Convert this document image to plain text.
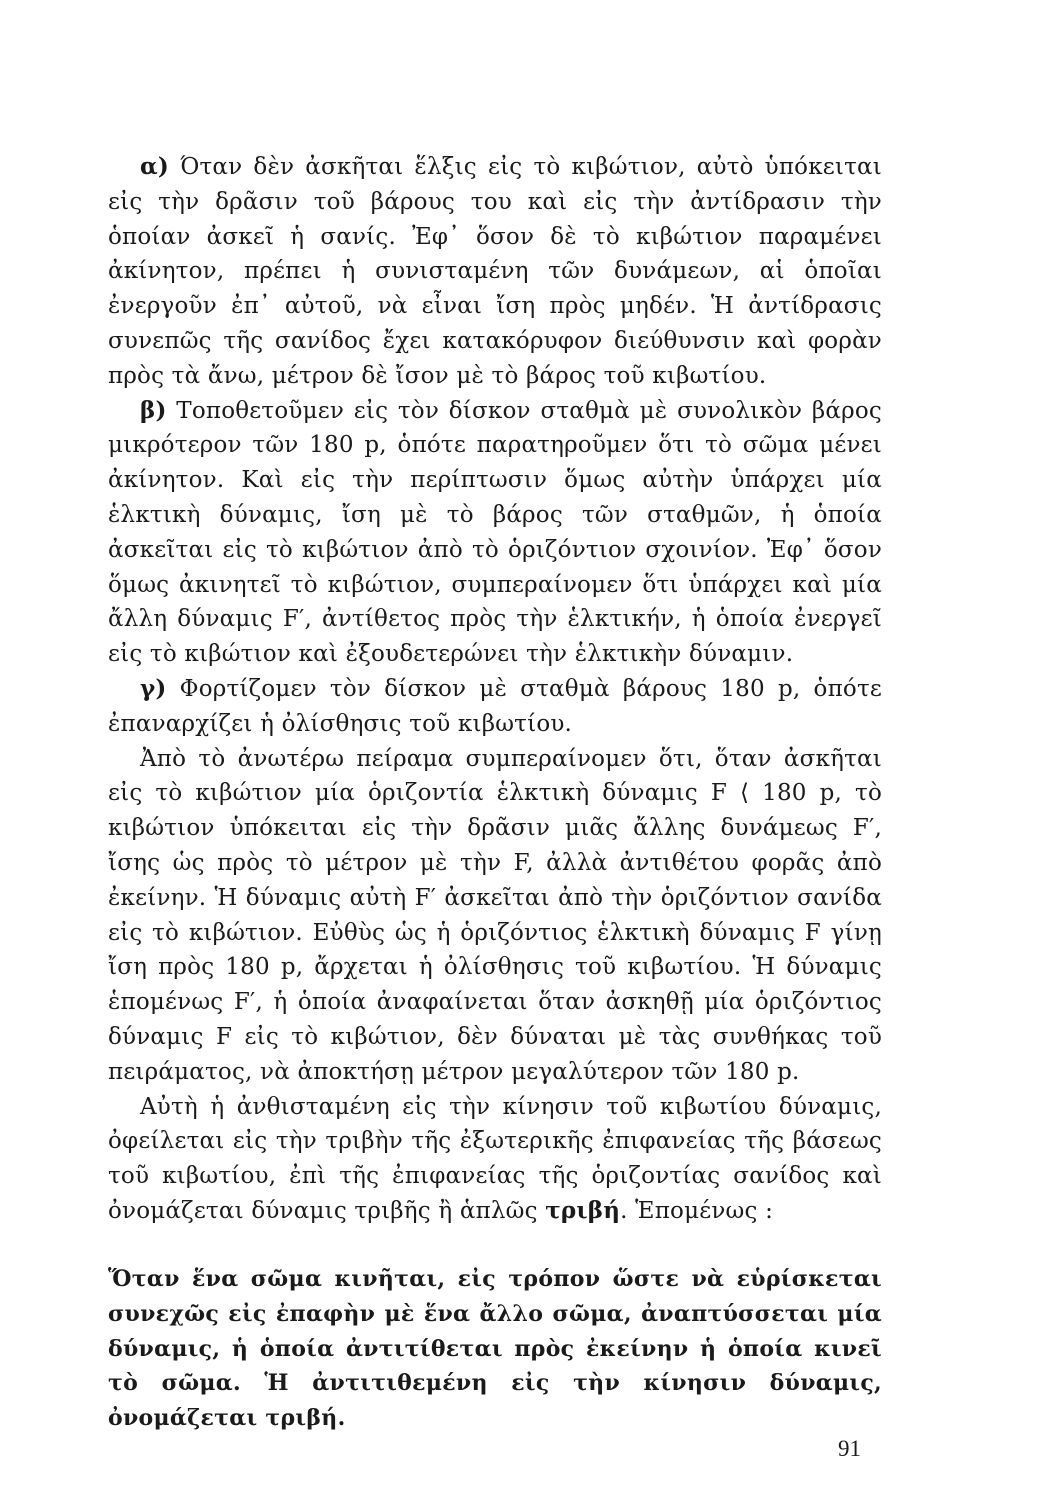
α) Όταν δὲν ἀσκῆται ἕλξις εἰς τὸ κιβώτιον, αὐτὸ ὑπόκειται εἰς τὴν δρᾶσιν τοῦ βάρους του καὶ εἰς τὴν ἀντίδρασιν τὴν ὁποίαν ἀσκεῖ ἡ σανίς. Ἐφ᾽ ὅσον δὲ τὸ κιβώτιον παραμένει ἀκίνητον, πρέπει ἡ συνισταμένη τῶν δυνάμεων, αἱ ὁποῖαι ἐνεργοῦν ἐπ᾽ αὐτοῦ, νὰ εἶναι ἴση πρὸς μηδέν. Ἡ ἀντίδρασις συνεπῶς τῆς σανίδος ἔχει κατακόρυφον διεύθυνσιν καὶ φορὰν πρὸς τὰ ἄνω, μέτρον δὲ ἴσον μὲ τὸ βάρος τοῦ κιβωτίου.

β) Τοποθετοῦμεν εἰς τὸν δίσκον σταθμὰ μὲ συνολικὸν βάρος μικρότερον τῶν 180 p, ὁπότε παρατηροῦμεν ὅτι τὸ σῶμα μένει ἀκίνητον. Καὶ εἰς τὴν περίπτωσιν ὅμως αὐτὴν ὑπάρχει μία ἑλκτικὴ δύναμις, ἴση μὲ τὸ βάρος τῶν σταθμῶν, ἡ ὁποία ἀσκεῖται εἰς τὸ κιβώτιον ἀπὸ τὸ ὁριζόντιον σχοινίον. Ἐφ᾽ ὅσον ὅμως ἀκινητεῖ τὸ κιβώτιον, συμπεραίνομεν ὅτι ὑπάρχει καὶ μία ἄλλη δύναμις F′, ἀντίθετος πρὸς τὴν ἑλκτικήν, ἡ ὁποία ἐνεργεῖ εἰς τὸ κιβώτιον καὶ ἐξουδετερώνει τὴν ἑλκτικὴν δύναμιν.

γ) Φορτίζομεν τὸν δίσκον μὲ σταθμὰ βάρους 180 p, ὁπότε ἐπαναρχίζει ἡ ὀλίσθησις τοῦ κιβωτίου.

Ἀπὸ τὸ ἀνωτέρω πείραμα συμπεραίνομεν ὅτι, ὅταν ἀσκῆται εἰς τὸ κιβώτιον μία ὁριζοντία ἑλκτικὴ δύναμις F ⟨ 180 p, τὸ κιβώτιον ὑπόκειται εἰς τὴν δρᾶσιν μιᾶς ἄλλης δυνάμεως F′, ἴσης ὡς πρὸς τὸ μέτρον μὲ τὴν F, ἀλλὰ ἀντιθέτου φορᾶς ἀπὸ ἐκείνην. Ἡ δύναμις αὐτὴ F′ ἀσκεῖται ἀπὸ τὴν ὁριζόντιον σανίδα εἰς τὸ κιβώτιον. Εὐθὺς ὡς ἡ ὁριζόντιος ἑλκτικὴ δύναμις F γίνῃ ἴση πρὸς 180 p, ἄρχεται ἡ ὀλίσθησις τοῦ κιβωτίου. Ἡ δύναμις ἑπομένως F′, ἡ ὁποία ἀναφαίνεται ὅταν ἀσκηθῇ μία ὁριζόντιος δύναμις F εἰς τὸ κιβώτιον, δὲν δύναται μὲ τὰς συνθήκας τοῦ πειράματος, νὰ ἀποκτήσῃ μέτρον μεγαλύτερον τῶν 180 p.

Αὐτὴ ἡ ἀνθισταμένη εἰς τὴν κίνησιν τοῦ κιβωτίου δύναμις, ὀφείλεται εἰς τὴν τριβὴν τῆς ἐξωτερικῆς ἐπιφανείας τῆς βάσεως τοῦ κιβωτίου, ἐπὶ τῆς ἐπιφανείας τῆς ὁριζοντίας σανίδος καὶ ὀνομάζεται δύναμις τριβῆς ἢ ἁπλῶς τριβή. Ἑπομένως :

Ὅταν ἕνα σῶμα κινῆται, εἰς τρόπον ὥστε νὰ εὑρίσκεται συνεχῶς εἰς ἐπαφὴν μὲ ἕνα ἄλλο σῶμα, ἀναπτύσσεται μία δύναμις, ἡ ὁποία ἀντιτίθεται πρὸς ἐκείνην ἡ ὁποία κινεῖ τὸ σῶμα. Ἡ ἀντιτιθεμένη εἰς τὴν κίνησιν δύναμις, ὀνομάζεται τριβή.

91
